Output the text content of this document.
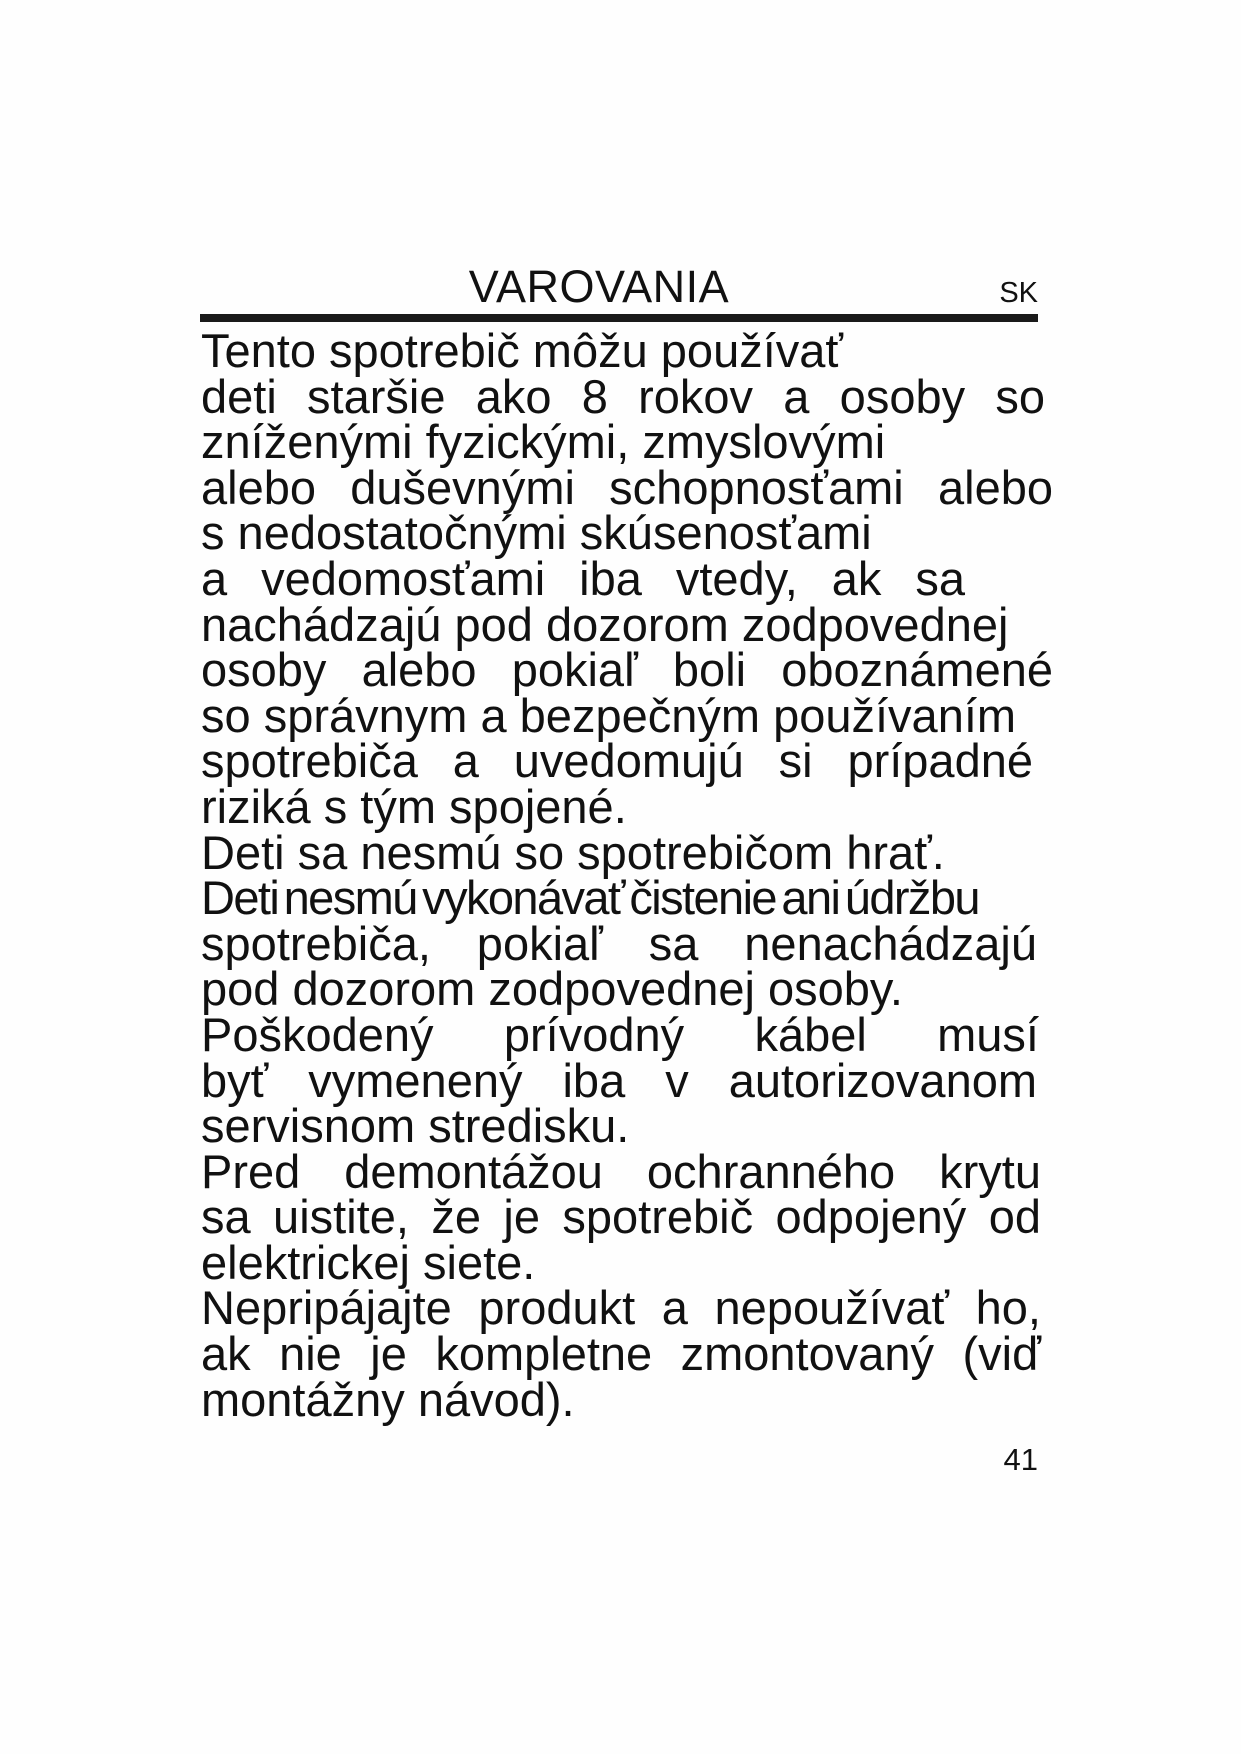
VAROVANIA	SK
Tento spotrebič môžu používať
deti staršie ako 8 rokov a osoby so
zníženými fyzickými, zmyslovými
alebo duševnými schopnosťami alebo
s nedostatočnými skúsenosťami
a vedomosťami iba vtedy, ak sa
nachádzajú pod dozorom zodpovednej
osoby alebo pokiaľ boli oboznámené
so správnym a bezpečným používaním
spotrebiča a uvedomujú si prípadné
riziká s tým spojené.
Deti sa nesmú so spotrebičom hrať.
Deti nesmú vykonávať čistenie ani údržbu
spotrebiča, pokiaľ sa nenachádzajú
pod dozorom zodpovednej osoby.
Poškodený prívodný kábel musí
byť vymenený iba v autorizovanom
servisnom stredisku.
Pred demontážou ochranného krytu
sa uistite, že je spotrebič odpojený od
elektrickej siete.
Nepripájajte produkt a nepoužívať ho,
ak nie je kompletne zmontovaný (viď
montážny návod).
41
